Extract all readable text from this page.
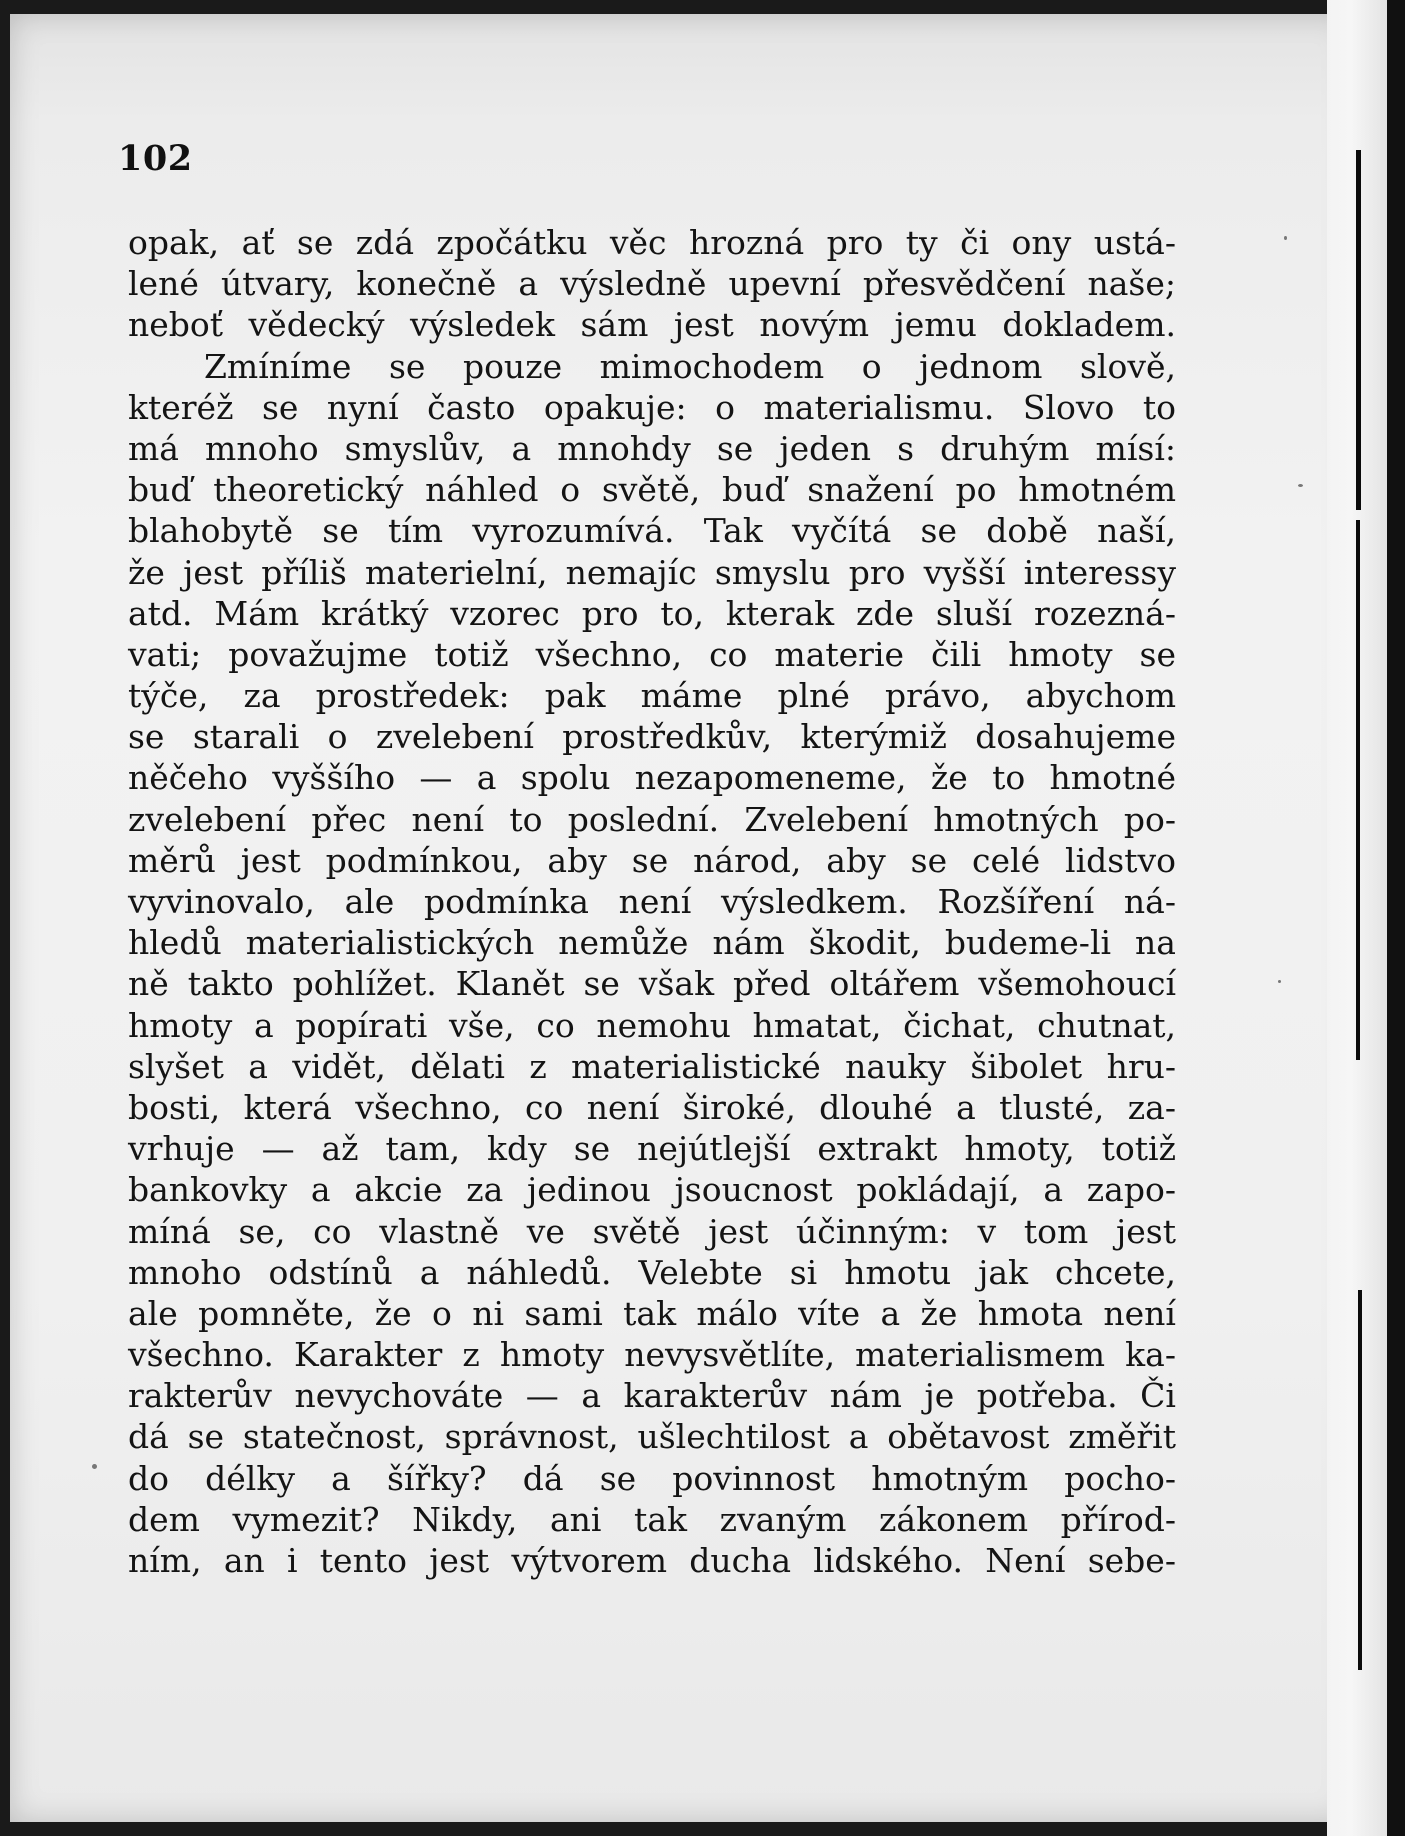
102
opak, ať se zdá zpočátku věc hrozná pro ty či ony ustá-
lené útvary, konečně a výsledně upevní přesvědčení naše;
neboť vědecký výsledek sám jest novým jemu dokladem.
Zmíníme se pouze mimochodem o jednom slově,
kteréž se nyní často opakuje: o materialismu. Slovo to
má mnoho smyslův, a mnohdy se jeden s druhým mísí:
buď theoretický náhled o světě, buď snažení po hmotném
blahobytě se tím vyrozumívá. Tak vyčítá se době naší,
že jest příliš materielní, nemajíc smyslu pro vyšší interessy
atd. Mám krátký vzorec pro to, kterak zde sluší rozezná-
vati; považujme totiž všechno, co materie čili hmoty se
týče, za prostředek: pak máme plné právo, abychom
se starali o zvelebení prostředkův, kterýmiž dosahujeme
něčeho vyššího — a spolu nezapomeneme, že to hmotné
zvelebení přec není to poslední. Zvelebení hmotných po-
měrů jest podmínkou, aby se národ, aby se celé lidstvo
vyvinovalo, ale podmínka není výsledkem. Rozšíření ná-
hledů materialistických nemůže nám škodit, budeme-li na
ně takto pohlížet. Klanět se však před oltářem všemohoucí
hmoty a popírati vše, co nemohu hmatat, čichat, chutnat,
slyšet a vidět, dělati z materialistické nauky šibolet hru-
bosti, která všechno, co není široké, dlouhé a tlusté, za-
vrhuje — až tam, kdy se nejútlejší extrakt hmoty, totiž
bankovky a akcie za jedinou jsoucnost pokládají, a zapo-
míná se, co vlastně ve světě jest účinným: v tom jest
mnoho odstínů a náhledů. Velebte si hmotu jak chcete,
ale pomněte, že o ni sami tak málo víte a že hmota není
všechno. Karakter z hmoty nevysvětlíte, materialismem ka-
rakterův nevychováte — a karakterův nám je potřeba. Či
dá se statečnost, správnost, ušlechtilost a obětavost změřit
do délky a šířky? dá se povinnost hmotným pocho-
dem vymezit? Nikdy, ani tak zvaným zákonem přírod-
ním, an i tento jest výtvorem ducha lidského. Není sebe-
